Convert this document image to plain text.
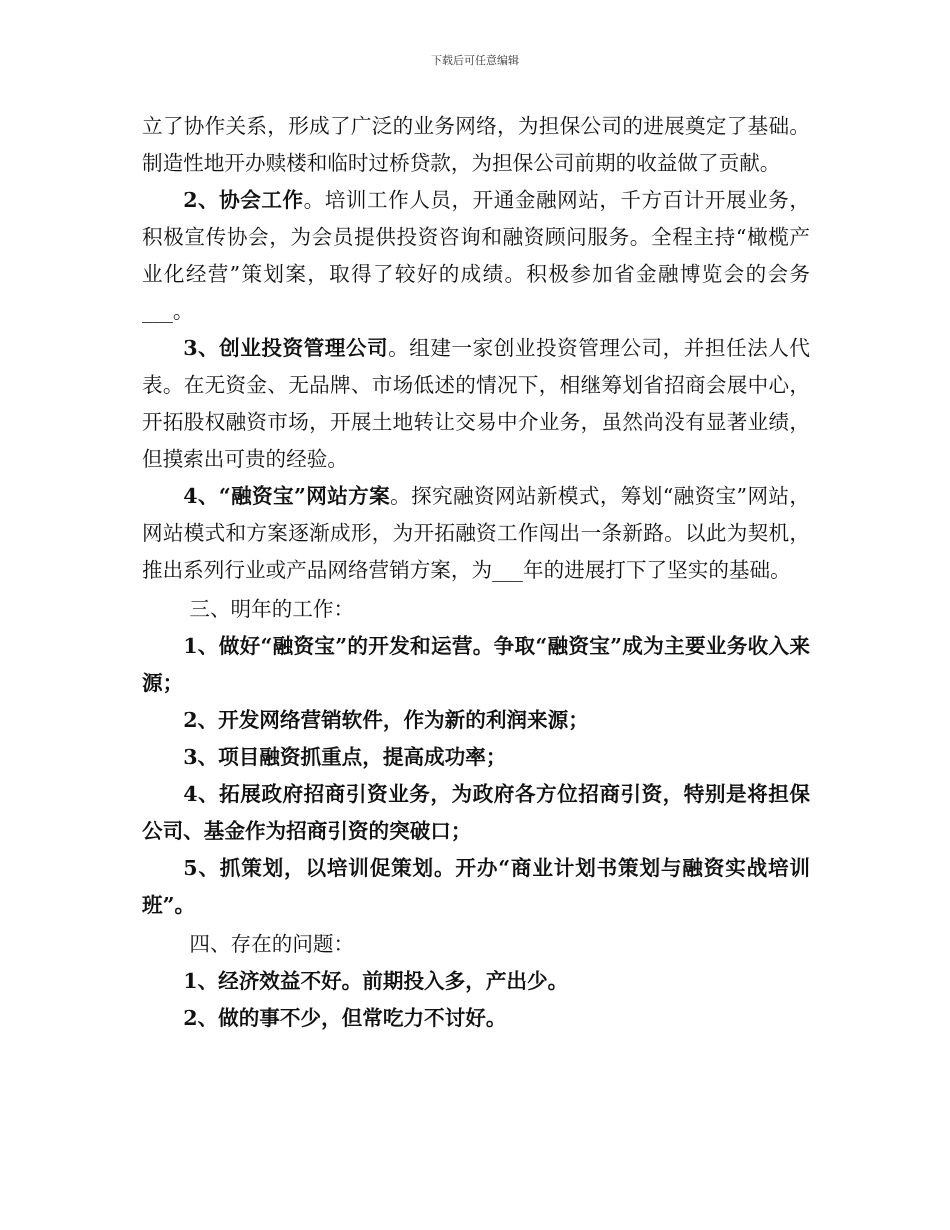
下载后可任意编辑

立了协作关系，形成了广泛的业务网络，为担保公司的进展奠定了基础。制造性地开办赎楼和临时过桥贷款，为担保公司前期的收益做了贡献。

2、协会工作。培训工作人员，开通金融网站，千方百计开展业务，积极宣传协会，为会员提供投资咨询和融资顾问服务。全程主持“橄榄产业化经营”策划案，取得了较好的成绩。积极参加省金融博览会的会务___。

3、创业投资管理公司。组建一家创业投资管理公司，并担任法人代表。在无资金、无品牌、市场低述的情况下，相继筹划省招商会展中心，开拓股权融资市场，开展土地转让交易中介业务，虽然尚没有显著业绩，但摸索出可贵的经验。

4、“融资宝”网站方案。探究融资网站新模式，筹划“融资宝”网站，网站模式和方案逐渐成形，为开拓融资工作闯出一条新路。以此为契机，推出系列行业或产品网络营销方案，为___年的进展打下了坚实的基础。

三、明年的工作：

1、做好“融资宝”的开发和运营。争取“融资宝”成为主要业务收入来源；

2、开发网络营销软件，作为新的利润来源；

3、项目融资抓重点，提高成功率；

4、拓展政府招商引资业务，为政府各方位招商引资，特别是将担保公司、基金作为招商引资的突破口；

5、抓策划，以培训促策划。开办“商业计划书策划与融资实战培训班”。

四、存在的问题：

1、经济效益不好。前期投入多，产出少。

2、做的事不少，但常吃力不讨好。
